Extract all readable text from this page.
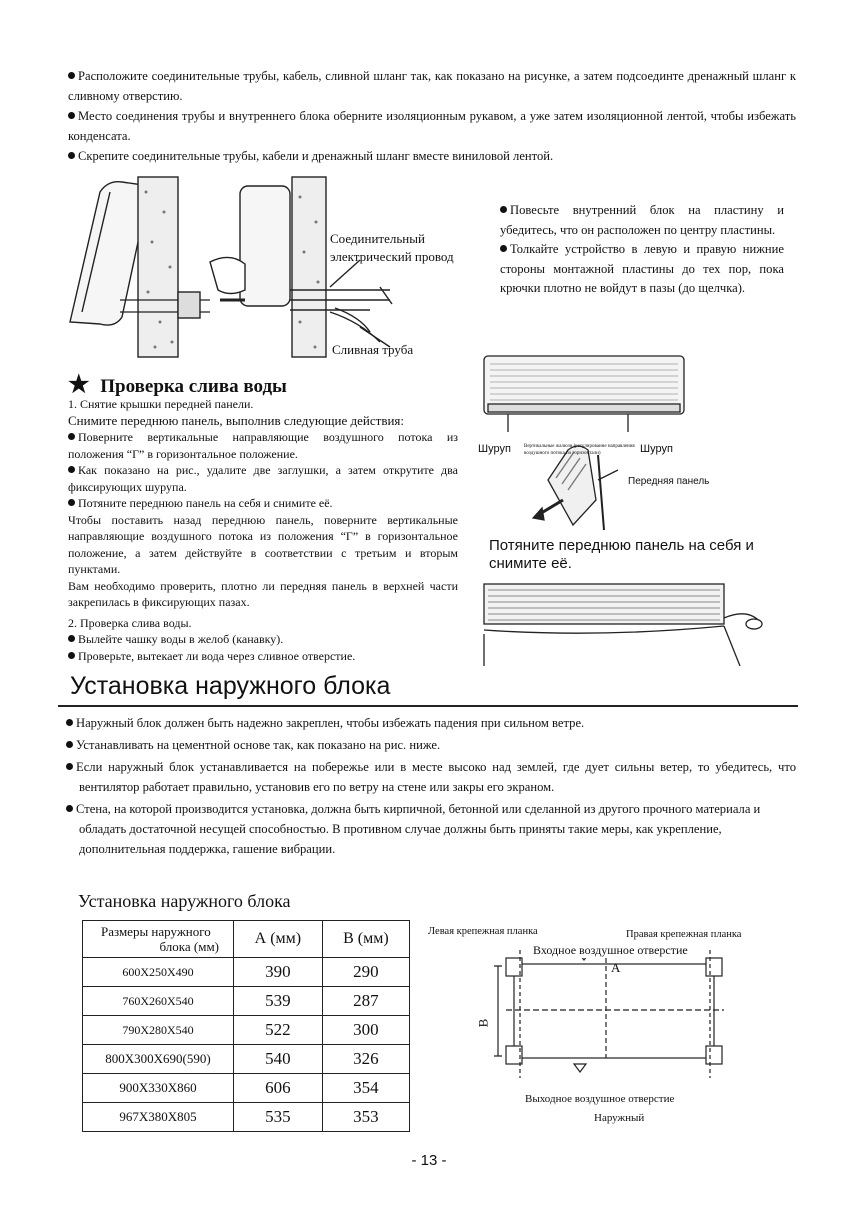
Расположите соединительные трубы, кабель, сливной шланг так, как показано на рисунке, а затем подсоединте дренажный шланг к сливному отверстию.

Место соединения трубы и внутреннего блока оберните изоляционным рукавом, а уже затем изоляционной лентой, чтобы избежать конденсата.

Скрепите соединительные трубы, кабели и дренажный шланг вместе виниловой лентой.

Соединительный электрический провод
Сливная труба

Повесьте внутренний блок на пластину и убедитесь, что он расположен по центру пластины.

Толкайте устройство в левую и правую нижние стороны монтажной пластины до тех пор, пока крючки плотно не войдут в пазы (до щелчка).

★ Проверка слива воды

1. Снятие крышки передней панели.

Снимите переднюю панель, выполнив следующие действия:

Поверните вертикальные направляющие воздушного потока из положения “Г” в горизонтальное положение.

Как показано на рис., удалите две заглушки, а затем открутите два фиксирующих шурупа.

Потяните переднюю панель на себя и снимите её.

Чтобы поставить назад переднюю панель, поверните вертикальные направляющие воздушного потока из положения “Г” в горизонтальное положение, а затем действуйте в соответствии с третьим и вторым пунктами.

Вам необходимо проверить, плотно ли передняя панель в верхней части закрепилась в фиксирующих пазах.

2. Проверка слива воды.

Вылейте чашку воды в желоб (канавку).

Проверьте, вытекает ли вода через сливное отверстие.

Шуруп	Шуруп
Вертикальные жалюзи (регулирование направления воздушного потока по горизонтали)
Передняя панель
Потяните переднюю панель на себя и снимите её.
Установка наружного блока

Наружный блок должен быть надежно закреплен, чтобы избежать падения при сильном ветре.

Устанавливать на цементной основе так, как показано на рис. ниже.

Если наружный блок устанавливается на побережье или в месте высоко над землей, где дует сильны ветер, то убедитесь, что вентилятор работает правильно, установив его по ветру на стене или закры его экраном.

Стена, на которой производится установка, должна быть кирпичной, бетонной или сделанной из другого прочного материала и обладать достаточной несущей способностью. В противном случае должны быть приняты такие меры, как укрепление, дополнительная поддержка, гашение вибрации.

Установка наружного блока
Размеры наружного
блока (мм)	А (мм)	В (мм)
600X250X490	390	290
760X260X540	539	287
790X280X540	522	300
800X300X690(590)	540	326
900X330X860	606	354
967X380X805	535	353
B
A
Левая крепежная планка	Правая крепежная планка
Входное воздушное отверстие
Выходное воздушное отверстие
Наружный
- 13 -
